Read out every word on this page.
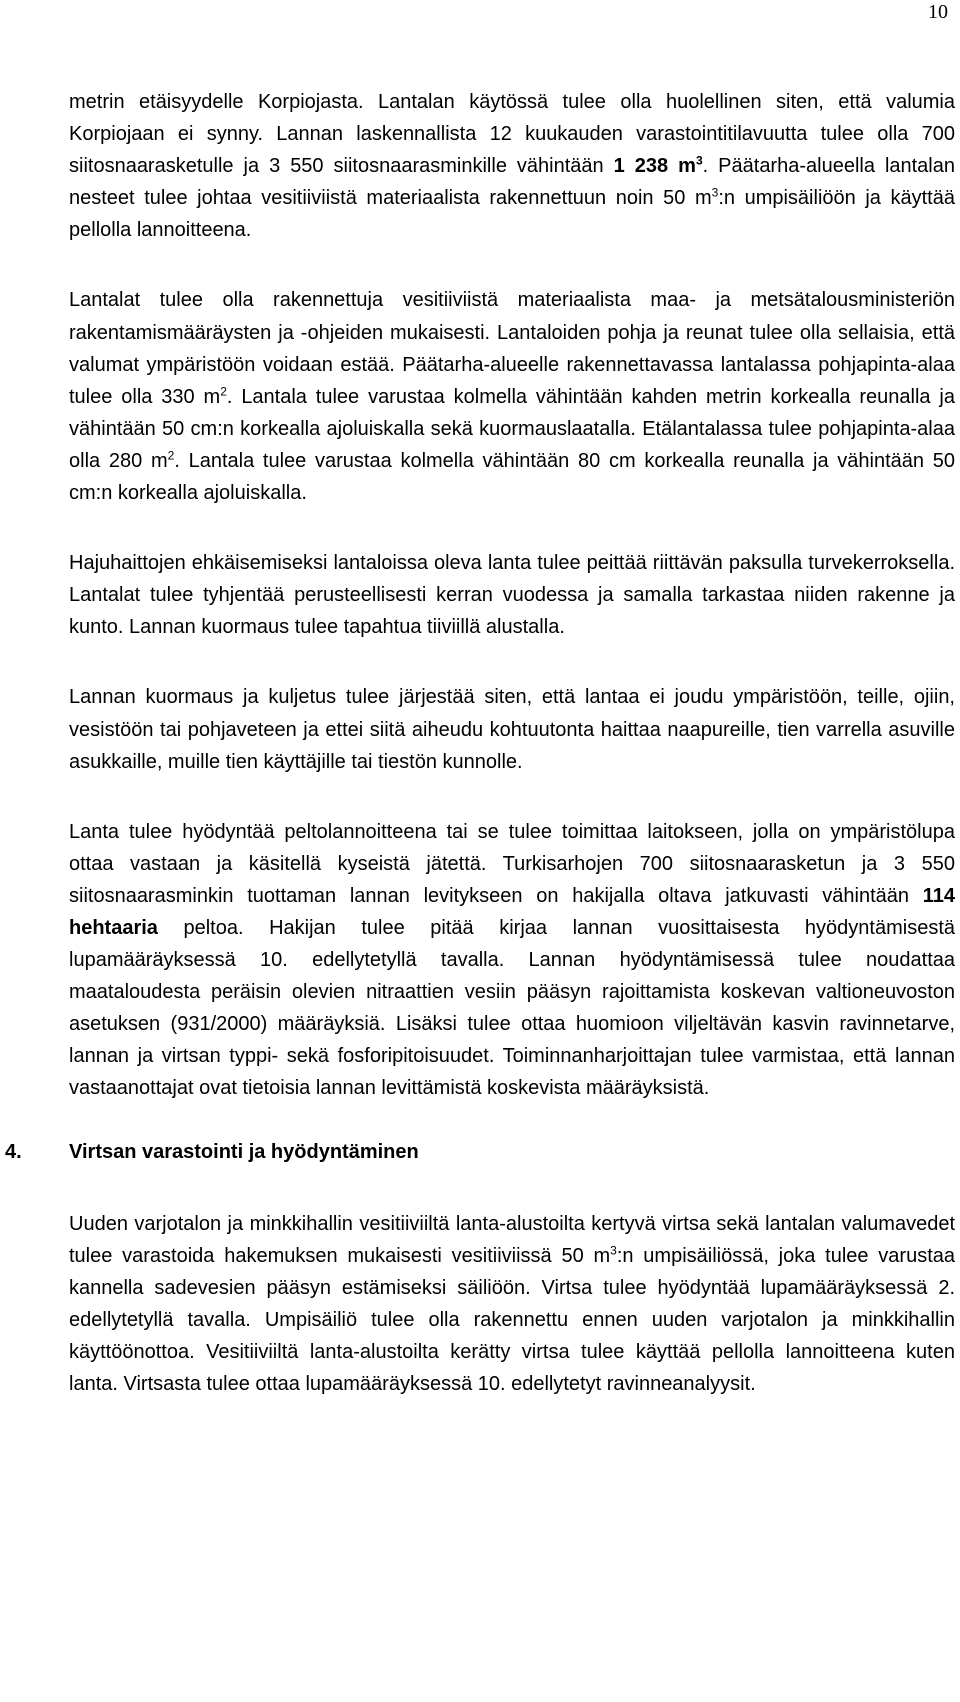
10

metrin etäisyydelle Korpiojasta. Lantalan käytössä tulee olla huolellinen siten, että valumia Korpiojaan ei synny. Lannan laskennallista 12 kuukauden varastointitilavuutta tulee olla 700 siitosnaarasketulle ja 3 550 siitosnaarasminkille vähintään 1 238 $m^3$. Päätarha-alueella lantalan nesteet tulee johtaa vesitiiviistä materiaalista rakennettuun noin 50 $m^3:n$ umpisäiliöön ja käyttää pellolla lannoitteena.

Lantalat tulee olla rakennettuja vesitiiviistä materiaalista maa- ja metsätalousministeriön rakentamismääräysten ja -ohjeiden mukaisesti. Lantaloiden pohja ja reunat tulee olla sellaisia, että valumat ympäristöön voidaan estää. Päätarha-alueelle rakennettavassa lantalassa pohjapinta-alaa tulee olla 330 $m^2$. Lantala tulee varustaa kolmella vähintään kahden metrin korkealla reunalla ja vähintään 50 cm:n korkealla ajoluiskalla sekä kuormauslaatalla. Etälantalassa tulee pohjapinta-alaa olla 280 $m^2$. Lantala tulee varustaa kolmella vähintään 80 cm korkealla reunalla ja vähintään 50 cm:n korkealla ajoluiskalla.

Hajuhaittojen ehkäisemiseksi lantaloissa oleva lanta tulee peittää riittävän paksulla turvekerroksella. Lantalat tulee tyhjentää perusteellisesti kerran vuodessa ja samalla tarkastaa niiden rakenne ja kunto. Lannan kuormaus tulee tapahtua tiiviillä alustalla.

Lannan kuormaus ja kuljetus tulee järjestää siten, että lantaa ei joudu ympäristöön, teille, ojiin, vesistöön tai pohjaveteen ja ettei siitä aiheudu kohtuutonta haittaa naapureille, tien varrella asuville asukkaille, muille tien käyttäjille tai tiestön kunnolle.

Lanta tulee hyödyntää peltolannoitteena tai se tulee toimittaa laitokseen, jolla on ympäristölupa ottaa vastaan ja käsitellä kyseistä jätettä. Turkisarhojen 700 siitosnaarasketun ja 3 550 siitosnaarasminkin tuottaman lannan levitykseen on hakijalla oltava jatkuvasti vähintään 114 hehtaaria peltoa. Hakijan tulee pitää kirjaa lannan vuosittaisesta hyödyntämisestä lupamääräyksessä 10. edellytetyllä tavalla. Lannan hyödyntämisessä tulee noudattaa maataloudesta peräisin olevien nitraattien vesiin pääsyn rajoittamista koskevan valtioneuvoston asetuksen (931/2000) määräyksiä. Lisäksi tulee ottaa huomioon viljeltävän kasvin ravinnetarve, lannan ja virtsan typpi- sekä fosforipitoisuudet. Toiminnanharjoittajan tulee varmistaa, että lannan vastaanottajat ovat tietoisia lannan levittämistä koskevista määräyksistä.

4. Virtsan varastointi ja hyödyntäminen

Uuden varjotalon ja minkkihallin vesitiiviiltä lanta-alustoilta kertyvä virtsa sekä lantalan valumavedet tulee varastoida hakemuksen mukaisesti vesitiiviissä 50 $m^3:n$ umpisäiliössä, joka tulee varustaa kannella sadevesien pääsyn estämiseksi säiliöön. Virtsa tulee hyödyntää lupamääräyksessä 2. edellytetyllä tavalla. Umpisäiliö tulee olla rakennettu ennen uuden varjotalon ja minkkihallin käyttöönottoa. Vesitiiviiltä lanta-alustoilta kerätty virtsa tulee käyttää pellolla lannoitteena kuten lanta. Virtsasta tulee ottaa lupamääräyksessä 10. edellytetyt ravinneanalyysit.
